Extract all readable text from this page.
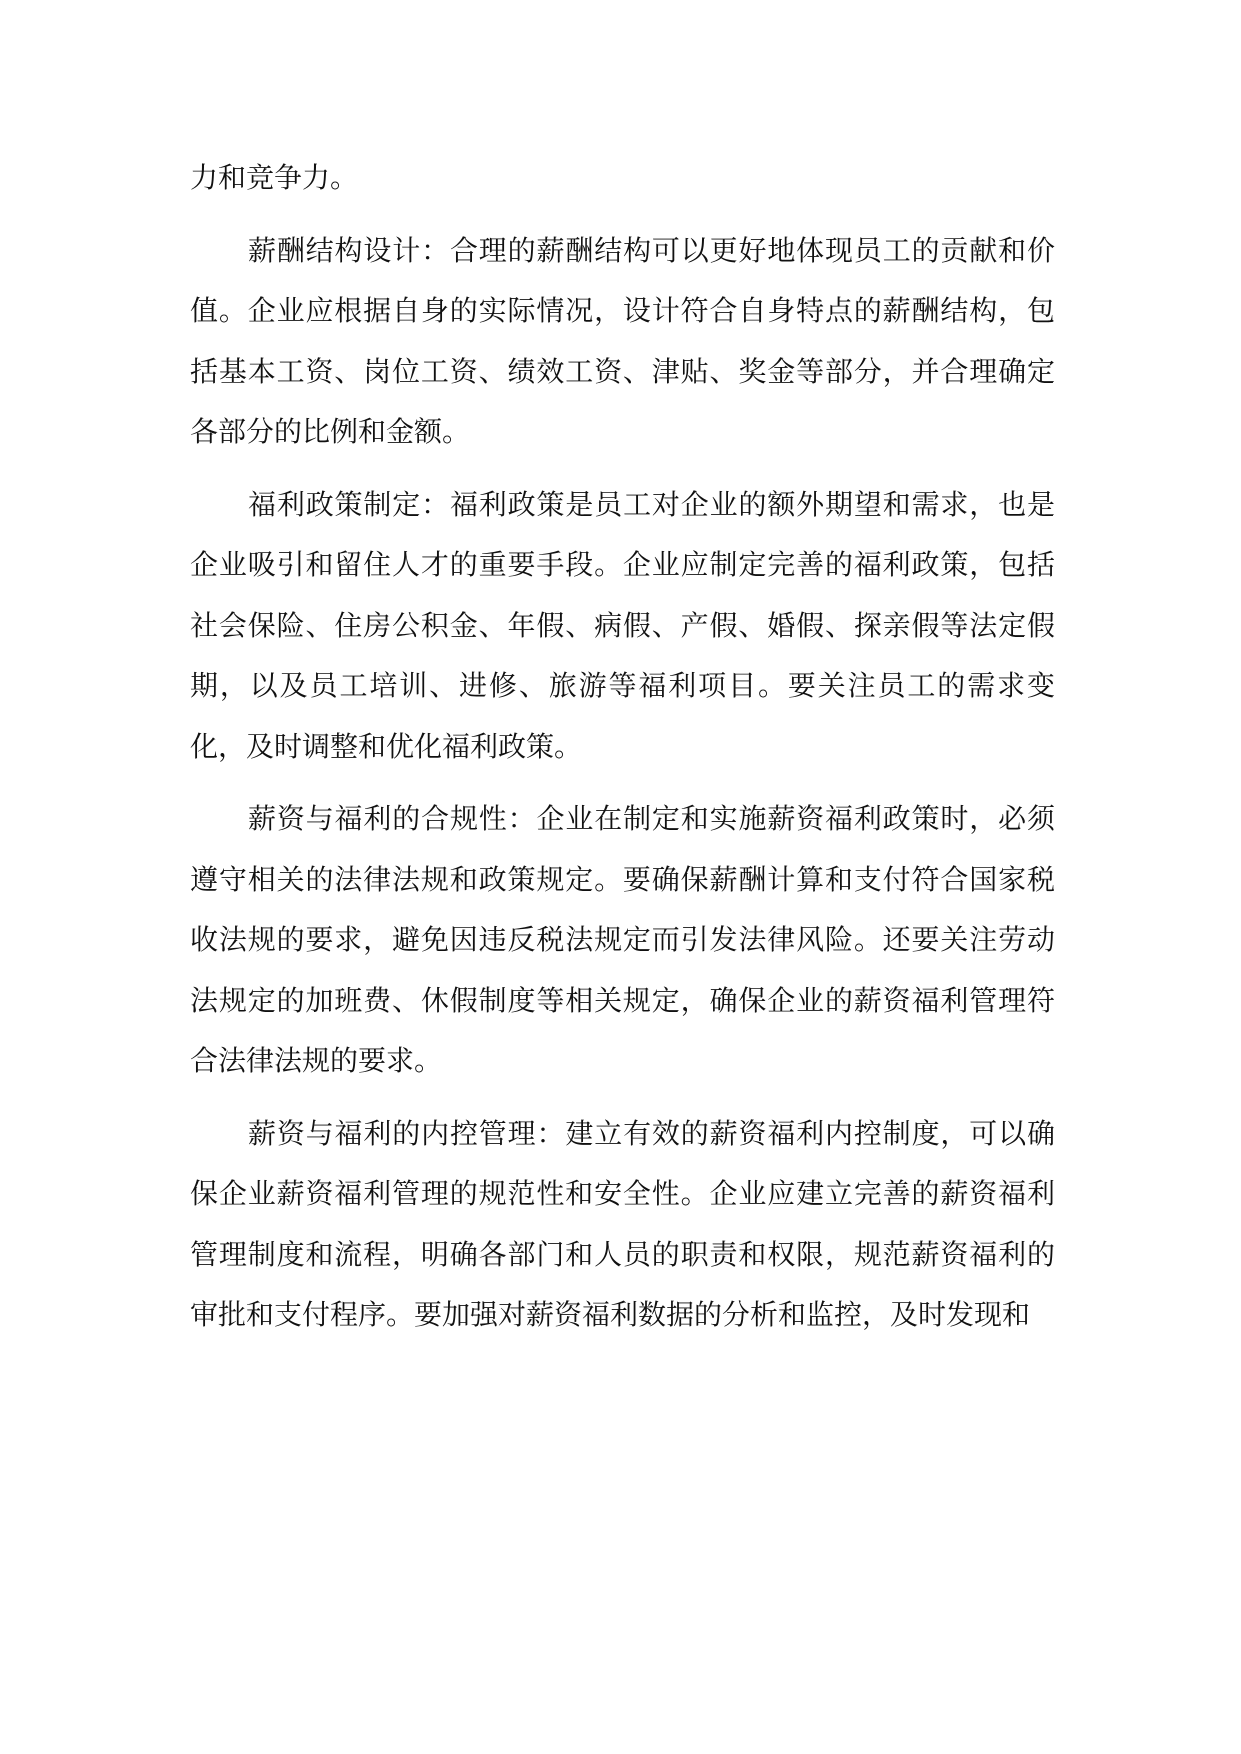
力和竞争力。

薪酬结构设计：合理的薪酬结构可以更好地体现员工的贡献和价值。企业应根据自身的实际情况，设计符合自身特点的薪酬结构，包括基本工资、岗位工资、绩效工资、津贴、奖金等部分，并合理确定各部分的比例和金额。

福利政策制定：福利政策是员工对企业的额外期望和需求，也是企业吸引和留住人才的重要手段。企业应制定完善的福利政策，包括社会保险、住房公积金、年假、病假、产假、婚假、探亲假等法定假期，以及员工培训、进修、旅游等福利项目。要关注员工的需求变化，及时调整和优化福利政策。

薪资与福利的合规性：企业在制定和实施薪资福利政策时，必须遵守相关的法律法规和政策规定。要确保薪酬计算和支付符合国家税收法规的要求，避免因违反税法规定而引发法律风险。还要关注劳动法规定的加班费、休假制度等相关规定，确保企业的薪资福利管理符合法律法规的要求。

薪资与福利的内控管理：建立有效的薪资福利内控制度，可以确保企业薪资福利管理的规范性和安全性。企业应建立完善的薪资福利管理制度和流程，明确各部门和人员的职责和权限，规范薪资福利的审批和支付程序。要加强对薪资福利数据的分析和监控，及时发现和
